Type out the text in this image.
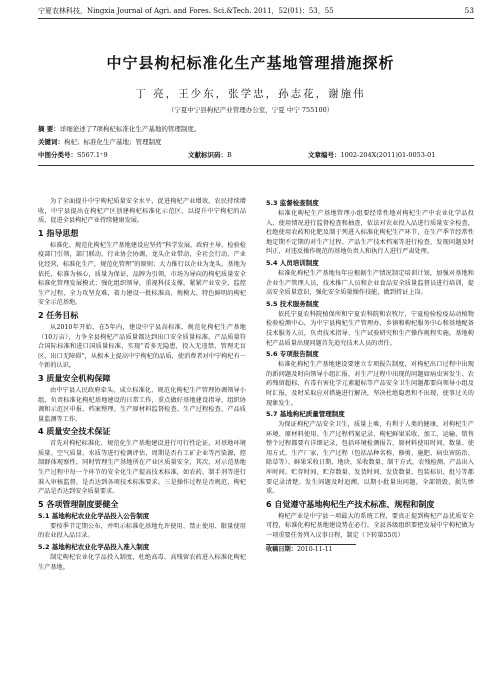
宁夏农林科技，Ningxia Journal of Agri. and Fores. Sci.&Tech. 2011，52(01)：53，55	53
中宁县枸杞标准化生产基地管理措施探析
丁 亮，王少东，张学忠，孙志花，谢施伟
（宁夏中宁县枸杞产业管理办公室，宁夏 中宁 755100）
摘 要：详细论述了7项枸杞标准化生产基地的管理制度。
关键词：枸杞；标准化生产基地；管理制度
中图分类号：S567.1⁺9	文献标识码：B	文章编号：1002-204X(2011)01-0053-01

为了全面提升中宁枸杞质量安全水平，促进枸杞产业增效，农民持续增收，中宁县提出在枸杞产区创建枸杞标准化示范区，以提升中宁枸杞的品质，促进全县枸杞产业持续健康发展。

1 指导思想

标准化、规范化枸杞生产基地建设应坚持“科学发展，政府主导，检验检疫部门引领，部门联动，行业协会协调，龙头企业带动，全社会行动，产业化经营，标准化生产，规范化管理”的原则；大力推行以企业为龙头，基地为依托，标准为核心，质量为保证，品牌为引领，市场为导向的枸杞质量安全标准化管理发展模式；强化组织领导，重视科技支撑，紧紧产业安全，监控生产过程，全力攻坚克难，着力建设一批标准高、规模大、特色鲜明的枸杞安全示范基地。

2 任务目标

从2010年开始，在5年内，建设中宁县高标准、规范化枸杞生产基地（10万亩），力争全县枸杞产品质量都达到出口安全质量标准，产品质量符合国际标准和进口国质量标准，实现“看多无隐患，投入无违禁，管理无盲区，出口无障碍”，从根本上提高中宁枸杞的品质，使消费者对中宁枸杞有一个新的认识。

3 质量安全机构保障

由中宁县人民政府牵头，成立标准化、规范化枸杞生产管理协调领导小组，负责标准化枸杞基地建设的日常工作，重点做好基地建设指导、组织协调和示范区申报、档案整理、生产原材料监督检查、生产过程检查、产品质量监测等工作。

4 质量安全技术保证

首先对枸杞标准化、规范化生产基地建设进行可行性论证，对基地环境质量、空气质量、水质等进行检测评估，周期是否有工矿企业等污染源，控制群体观察性，同时管理生产基地所在产业区质量安全，其次，对示范基地生产过程中每一个环节的安全化生产提高技术标准，如农药、制手剂等进行准入审核监督，是否达到各项技术标准要求。三是操作过程是否规范，枸杞产品是否达到安全质量要求。

5 各项管理制度要健全
5.1 基地枸杞农业化学品投入公告制度

要按季节定期公布，并明示标准化基地允许使用、禁止使用、限量使用的农业投入品目录。

5.2 基地枸杞农业化学品投入准入制度

制定枸杞农业化学品投入制度，杜绝高毒、高残留农药进入标准化枸杞生产基地。

5.3 监督检查制度

标准化枸杞生产基地管理小组要经常性地对枸杞生产中农业化学品投入、使用情况进行监督检查和抽查，依法对农业投入品进行质量安全检查，杜绝使用农药和化肥及制于列进入标准化枸杞生产环节，在生产季节经常性地定期不定期的对生产过程、产品生产技术档案等进行检查，发现问题及时纠正，对违反操作规范的基地负责人和执行人进行严肃处理。

5.4 人员培训制度

标准化枸杞生产基地每年应根据生产情况制定培训计划，加强对基地和企业生产管理人员，技术推广人员和企业食品安全质量监督员进行培训，提高安全质量意识，强化安全质量操作技能，做到持证上岗。

5.5 技术服务制度

依托宁夏农科院植保所和宁夏农科院和农牧厅，宁夏检验检疫局动植物检验检测中心，为中宁县枸杞生产管理办，乡镇和枸杞服务中心和基地配备技术服务人员，负责技术指导、生产试验研究和生产操作规程实施。基地枸杞产品质量出现问题首先追究技术人员的责任。

5.6 专项报告制度

标准化枸杞生产基地建设要建立专项报告制度，对枸杞出口过程中出现的新问题及时向领导小组汇报，对生产过程中出现的问题如病虫害发生、农药残留超标、有毒有害化学元素超标等产品安全卫生问题都要向领导小组及时汇报，及时采取应对措施进行解决，坚决杜绝隐患和不出现，使事过关的现象发生。

5.7 基地枸杞质量管理制度

为保证枸杞产品安全卫生，质量上乘，有利于人类的健康，对枸杞生产环境、原材料使用、生产过程档案记录、枸杞鲜果采收、加工、运输、销售整个过程都要有详细记录，包括环境检测报告、原材料使用时间、数量、使用方式、生产厂家，生产过程（包括品种名称、修剪、施肥、病虫害防治、除草等）、鲜果采收日期、地块、采收数量、制干方式、农残检测、产品出入库时间、贮存时间、贮存数量、发货时间、发货数量、包装标识、批号等都要记录清楚。发生问题及时追溯，以期小批量出问题，全部销毁，损失惨重。

6 自觉遵守基地枸杞生产技术标准、规程和制度

枸杞产业是中宁县一项最大的系统工程，要真正提到枸杞产品优质安全可控，标准化枸杞基地建设势在必行。全县各级组织要把发展中宁枸杞做为一项重要任务列入议事日程，制定（下转第55页）

收稿日期：2010-11-11
